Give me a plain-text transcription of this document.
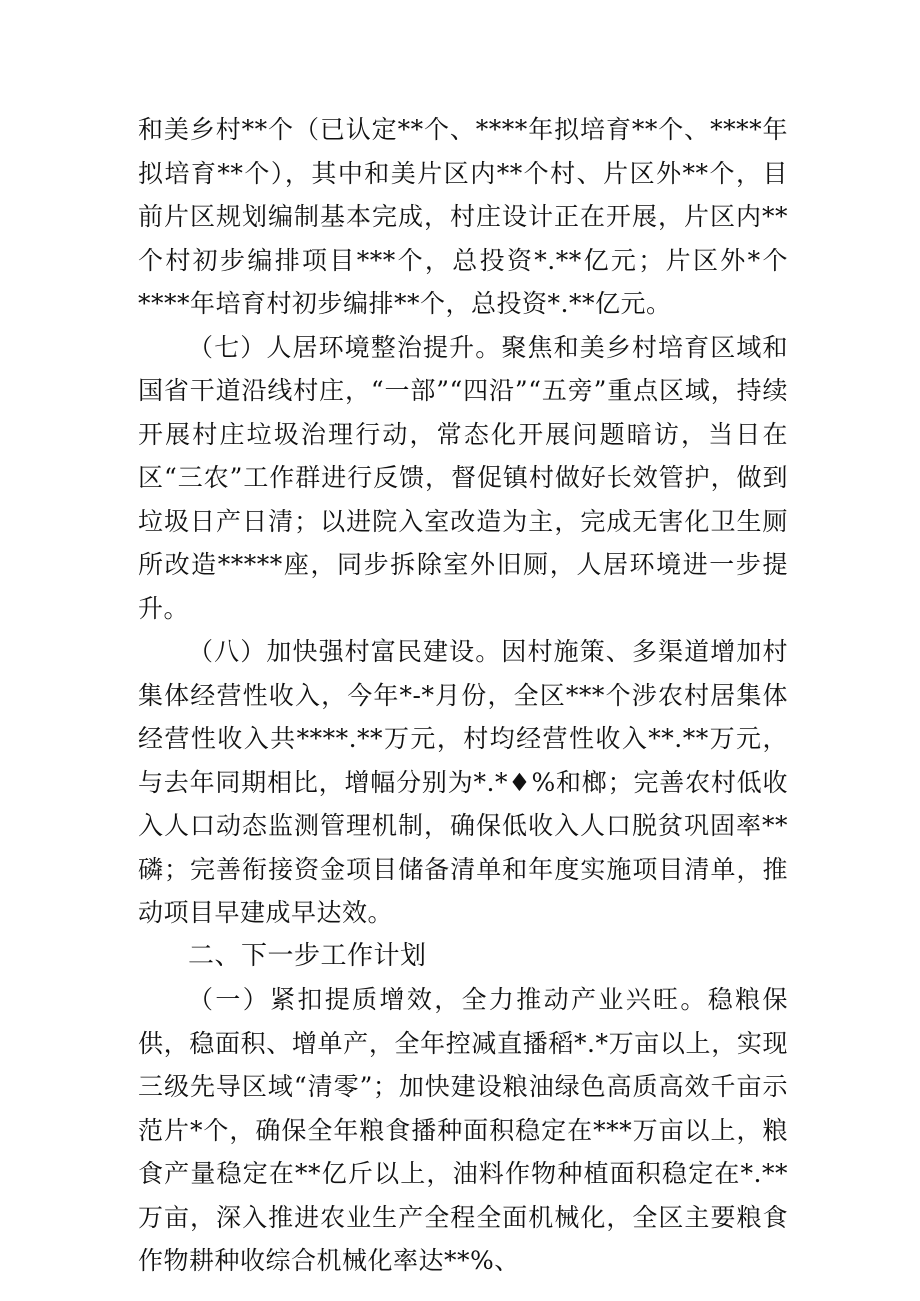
和美乡村**个（已认定**个、****年拟培育**个、****年拟培育**个），其中和美片区内**个村、片区外**个，目前片区规划编制基本完成，村庄设计正在开展，片区内**个村初步编排项目***个，总投资*.**亿元；片区外*个****年培育村初步编排**个，总投资*.**亿元。

（七）人居环境整治提升。聚焦和美乡村培育区域和国省干道沿线村庄，“一部”“四沿”“五旁”重点区域，持续开展村庄垃圾治理行动，常态化开展问题暗访，当日在区“三农”工作群进行反馈，督促镇村做好长效管护，做到垃圾日产日清；以进院入室改造为主，完成无害化卫生厕所改造*****座，同步拆除室外旧厕，人居环境进一步提升。

（八）加快强村富民建设。因村施策、多渠道增加村集体经营性收入，今年*-*月份，全区***个涉农村居集体经营性收入共****.**万元，村均经营性收入**.**万元，与去年同期相比，增幅分别为*.*♦%和榔；完善农村低收入人口动态监测管理机制，确保低收入人口脱贫巩固率**磷；完善衔接资金项目储备清单和年度实施项目清单，推动项目早建成早达效。

二、下一步工作计划

（一）紧扣提质增效，全力推动产业兴旺。稳粮保供，稳面积、增单产，全年控减直播稻*.*万亩以上，实现三级先导区域“清零”；加快建设粮油绿色高质高效千亩示范片*个，确保全年粮食播种面积稳定在***万亩以上，粮食产量稳定在**亿斤以上，油料作物种植面积稳定在*.**万亩，深入推进农业生产全程全面机械化，全区主要粮食作物耕种收综合机械化率达**%、
